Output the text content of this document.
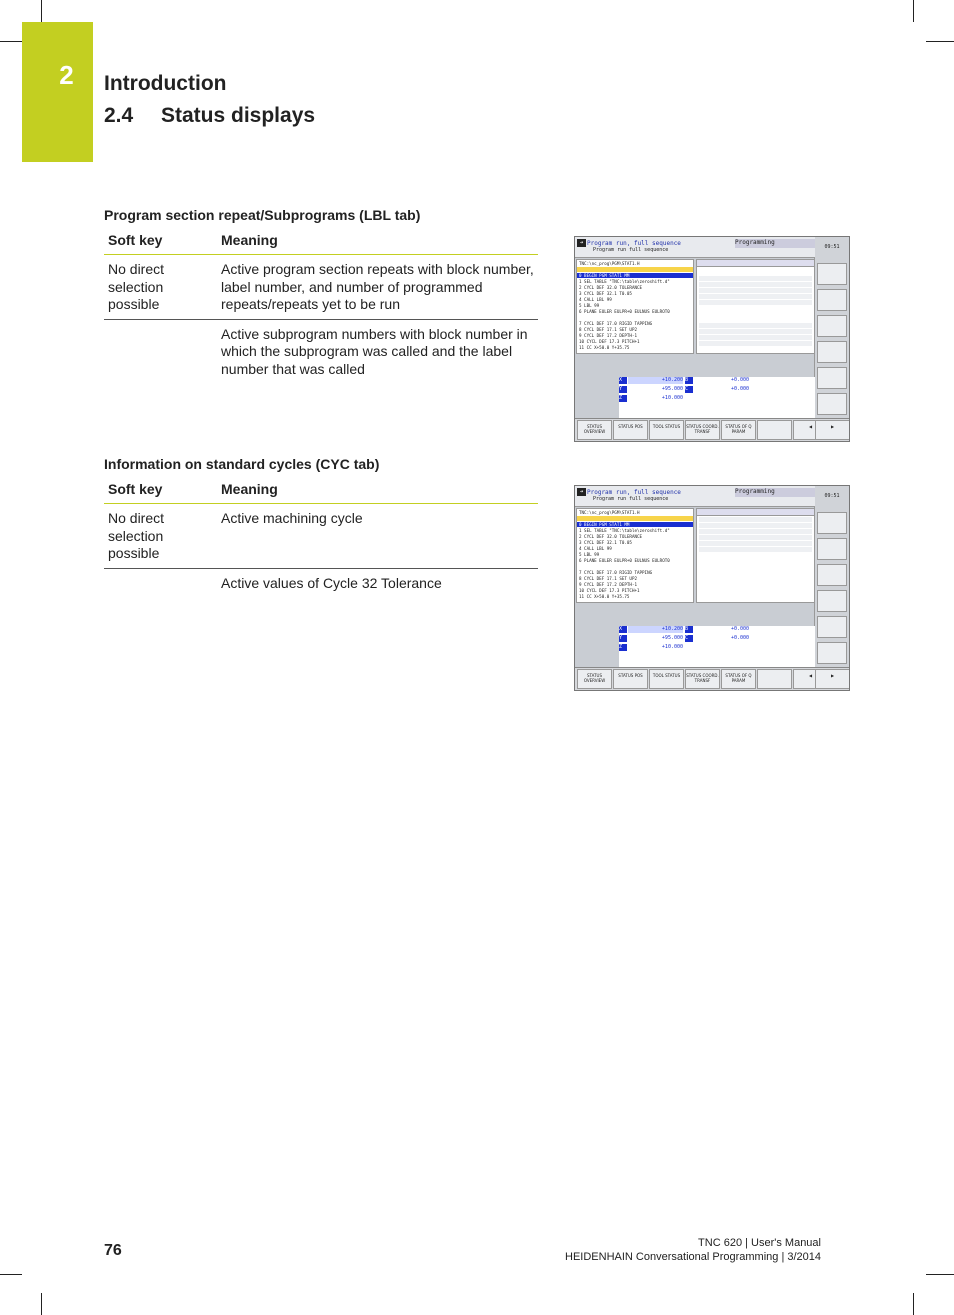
2	Introduction
2.4 Status displays
Program section repeat/Subprograms (LBL tab)
Soft key	Meaning
No direct selection possible	Active program section repeats with block number, label number, and number of programmed repeats/repeats yet to be run
	Active subprogram numbers with block number in which the subprogram was called and the label number that was called
Information on standard cycles (CYC tab)
Soft key	Meaning
No direct selection possible	Active machining cycle
	Active values of Cycle 32 Tolerance
➔ Program run, full sequence
Program run full sequence
Programming
09:51
TNC:\nc_prog\PGM\STAT1.H
0 BEGIN PGM STAT1 MM
1 SEL TABLE "TNC:\table\zeroshift.d"
2 CYCL DEF 32.0 TOLERANCE
3 CYCL DEF 32.1 T0.05
4 CALL LBL 99
5 LBL 99
6 PLANE EULER EULPR+0 EULNUS EULROT0
7 CYCL DEF 17.0 RIGID TAPPING
8 CYCL DEF 17.1 SET UP2
9 CYCL DEF 17.2 DEPTH-1
10 CYCL DEF 17.3 PITCH+1
11 CC X+50.0 Y+35.75
X	+10.200
Y	+95.000
Z	+10.000
B	+0.000
C	+0.000
STATUS OVERVIEW
STATUS POS	TOOL STATUS	STATUS COORD. TRANSF
STATUS OF Q PARAM
◀	▶
➔ Program run, full sequence
Program run full sequence
Programming
09:51
TNC:\nc_prog\PGM\STAT1.H
0 BEGIN PGM STAT1 MM
1 SEL TABLE "TNC:\table\zeroshift.d"
2 CYCL DEF 32.0 TOLERANCE
3 CYCL DEF 32.1 T0.05
4 CALL LBL 99
5 LBL 99
6 PLANE EULER EULPR+0 EULNUS EULROT0
7 CYCL DEF 17.0 RIGID TAPPING
8 CYCL DEF 17.1 SET UP2
9 CYCL DEF 17.2 DEPTH-1
10 CYCL DEF 17.3 PITCH+1
11 CC X+50.0 Y+35.75
X	+10.200
Y	+95.000
Z	+10.000
B	+0.000
C	+0.000
STATUS OVERVIEW
STATUS POS	TOOL STATUS	STATUS COORD. TRANSF
STATUS OF Q PARAM
◀	▶
76	TNC 620 | User's Manual
HEIDENHAIN Conversational Programming | 3/2014
